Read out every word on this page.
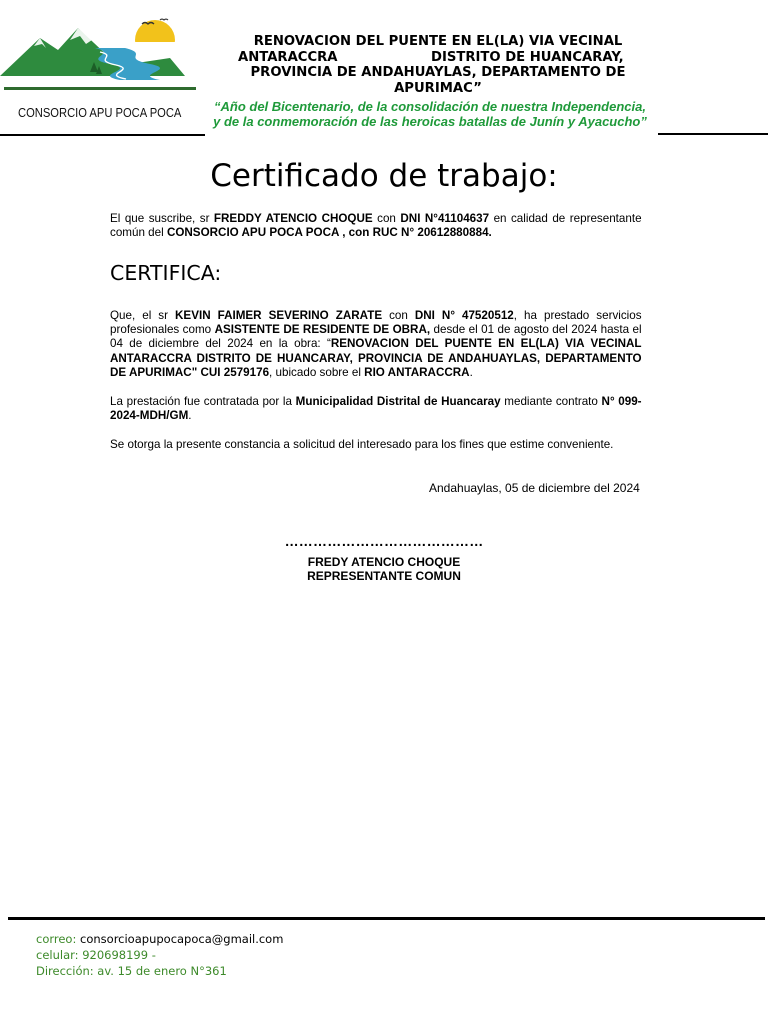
CONSORCIO APU POCA POCA
RENOVACION DEL PUENTE EN EL(LA) VIA VECINAL
ANTARACCRA	DISTRITO DE HUANCARAY,

PROVINCIA DE ANDAHUAYLAS, DEPARTAMENTO DE
APURIMAC”
“Año del Bicentenario, de la consolidación de nuestra Independencia,
y de la conmemoración de las heroicas batallas de Junín y Ayacucho”
Certificado de trabajo:
El que suscribe, sr FREDDY ATENCIO CHOQUE con DNI N°41104637 en calidad de representante común del CONSORCIO APU POCA POCA , con RUC N° 20612880884.
CERTIFICA:
Que, el sr KEVIN FAIMER SEVERINO ZARATE con DNI N° 47520512, ha prestado servicios profesionales como ASISTENTE DE RESIDENTE DE OBRA, desde el 01 de agosto del 2024 hasta el 04 de diciembre del 2024 en la obra: “RENOVACION DEL PUENTE EN EL(LA) VIA VECINAL ANTARACCRA DISTRITO DE HUANCARAY, PROVINCIA DE ANDAHUAYLAS, DEPARTAMENTO DE APURIMAC" CUI 2579176, ubicado sobre el RIO ANTARACCRA.
La prestación fue contratada por la Municipalidad Distrital de Huancaray mediante contrato N° 099-2024-MDH/GM.
Se otorga la presente constancia a solicitud del interesado para los fines que estime conveniente.
Andahuaylas, 05 de diciembre del 2024
……………………………………
FREDY ATENCIO CHOQUE
REPRESENTANTE COMUN
correo: consorcioapupocapoca@gmail.com
celular: 920698199 -
Dirección: av. 15 de enero N°361
